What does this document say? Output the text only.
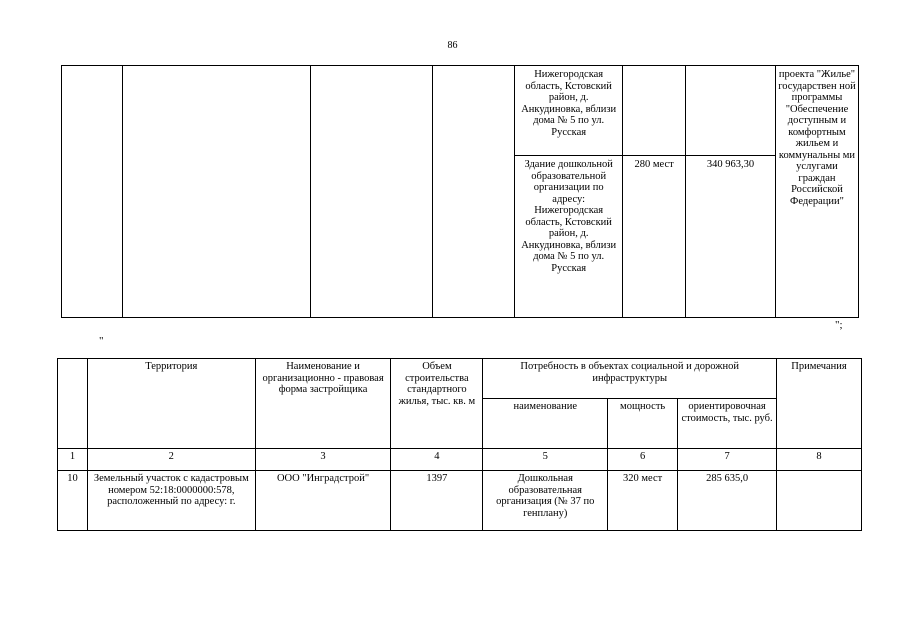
86
				Нижегородская область, Кстовский район, д. Анкудиновка, вблизи дома № 5 по ул. Русская			проекта "Жилье" государствен ной программы "Обеспечение доступным и комфортным жильем и коммунальны ми услугами граждан Российской Федерации"
				Здание дошкольной образовательной организации по адресу: Нижегородская область, Кстовский район, д. Анкудиновка, вблизи дома № 5 по ул. Русская	280 мест	340 963,30	
";
"
	Территория	Наименование и организационно - правовая форма застройщика	Объем строительства стандартного жилья, тыс. кв. м	Потребность в объектах социальной и дорожной инфраструктуры			Примечания
				наименование	мощность	ориентировочная стоимость, тыс. руб.	
1	2	3	4	5	6	7	8
10	Земельный участок с кадастровым номером 52:18:0000000:578, расположенный по адресу: г.	ООО "Инградстрой"	1397	Дошкольная образовательная организация (№ 37 по генплану)	320 мест	285 635,0	
